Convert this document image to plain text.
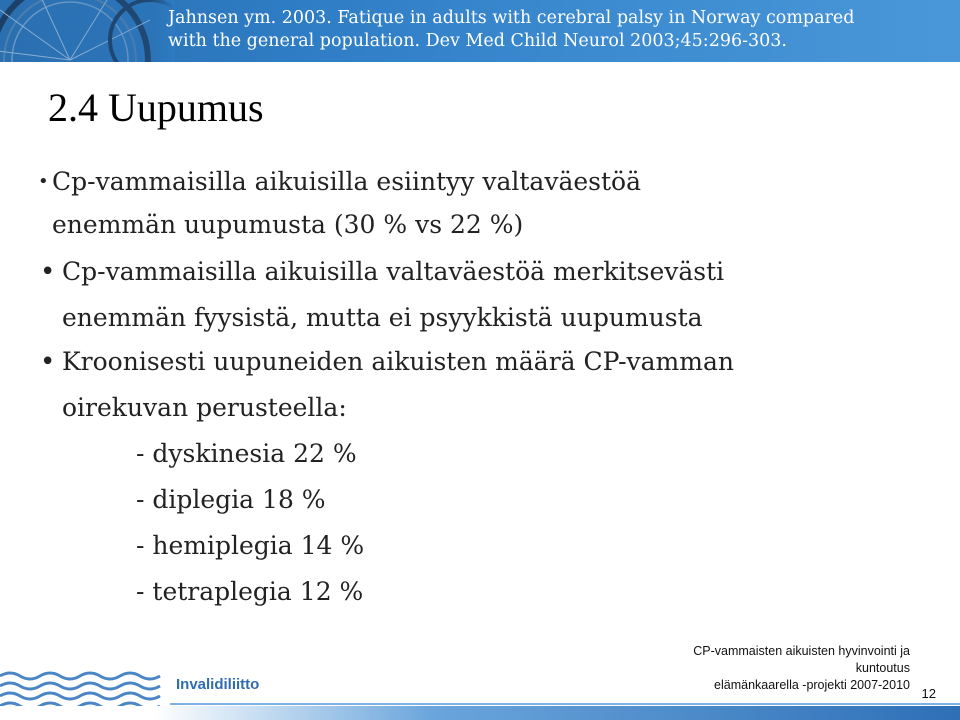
Jahnsen ym. 2003. Fatique in adults with cerebral palsy in Norway compared
with the general population. Dev Med Child Neurol 2003;45:296-303.
2.4 Uupumus
• Cp-vammaisilla aikuisilla esiintyy valtaväestöä
enemmän uupumusta (30 % vs 22 %)
• Cp-vammaisilla aikuisilla valtaväestöä merkitsevästi
enemmän fyysistä, mutta ei psyykkistä uupumusta
• Kroonisesti uupuneiden aikuisten määrä CP-vamman
oirekuvan perusteella:
- dyskinesia 22 %
- diplegia 18 %
- hemiplegia 14 %
- tetraplegia 12 %
CP-vammaisten aikuisten hyvinvointi ja kuntoutus
elämänkaarella -projekti 2007-2010
Invalidiliitto
12
